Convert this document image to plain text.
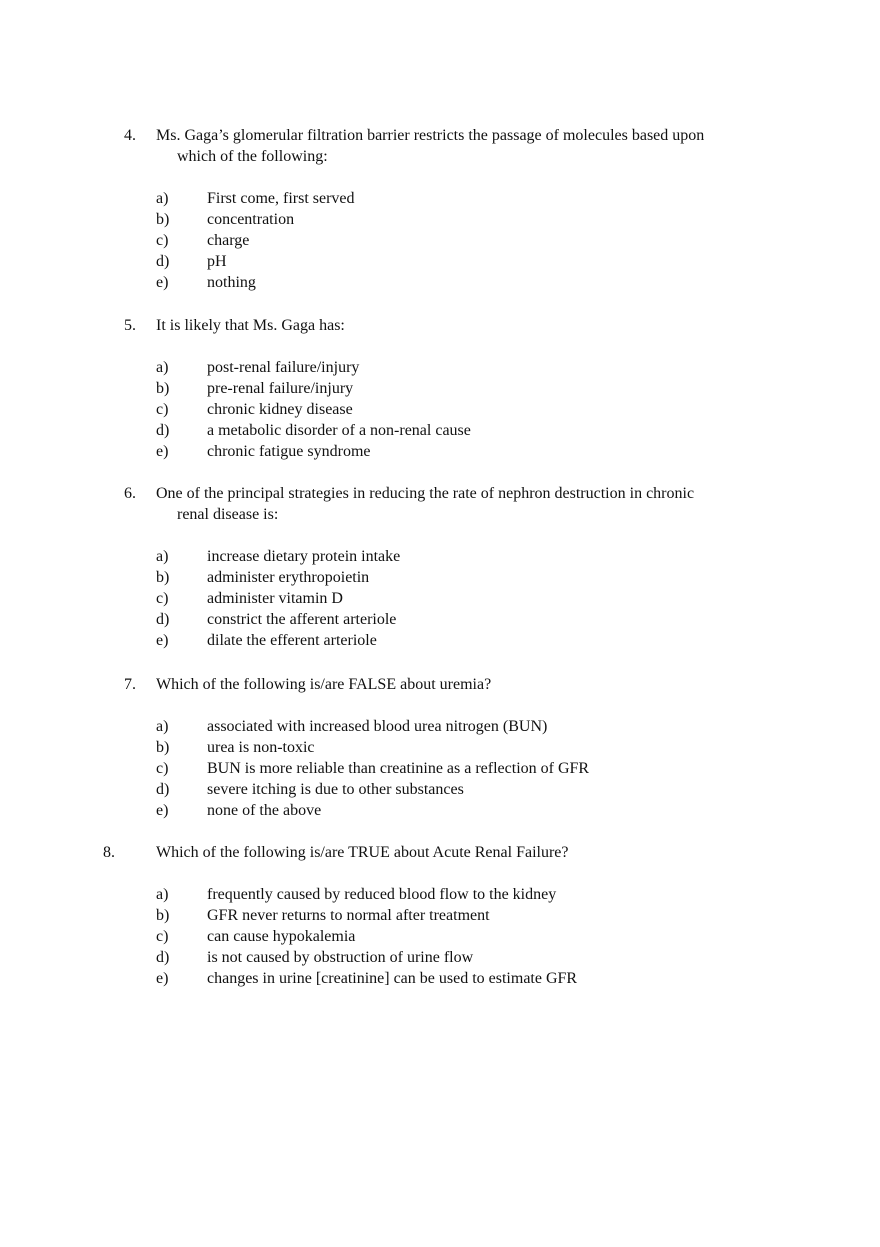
4. Ms. Gaga’s glomerular filtration barrier restricts the passage of molecules based upon
which of the following:
a) First come, first served
b) concentration
c) charge
d) pH
e) nothing
5. It is likely that Ms. Gaga has:
a) post-renal failure/injury
b) pre-renal failure/injury
c) chronic kidney disease
d) a metabolic disorder of a non-renal cause
e) chronic fatigue syndrome
6. One of the principal strategies in reducing the rate of nephron destruction in chronic
renal disease is:
a) increase dietary protein intake
b) administer erythropoietin
c) administer vitamin D
d) constrict the afferent arteriole
e) dilate the efferent arteriole
7. Which of the following is/are FALSE about uremia?
a) associated with increased blood urea nitrogen (BUN)
b) urea is non-toxic
c) BUN is more reliable than creatinine as a reflection of GFR
d) severe itching is due to other substances
e) none of the above
8.	Which of the following is/are TRUE about Acute Renal Failure?
a) frequently caused by reduced blood flow to the kidney
b) GFR never returns to normal after treatment
c) can cause hypokalemia
d) is not caused by obstruction of urine flow
e) changes in urine [creatinine] can be used to estimate GFR
